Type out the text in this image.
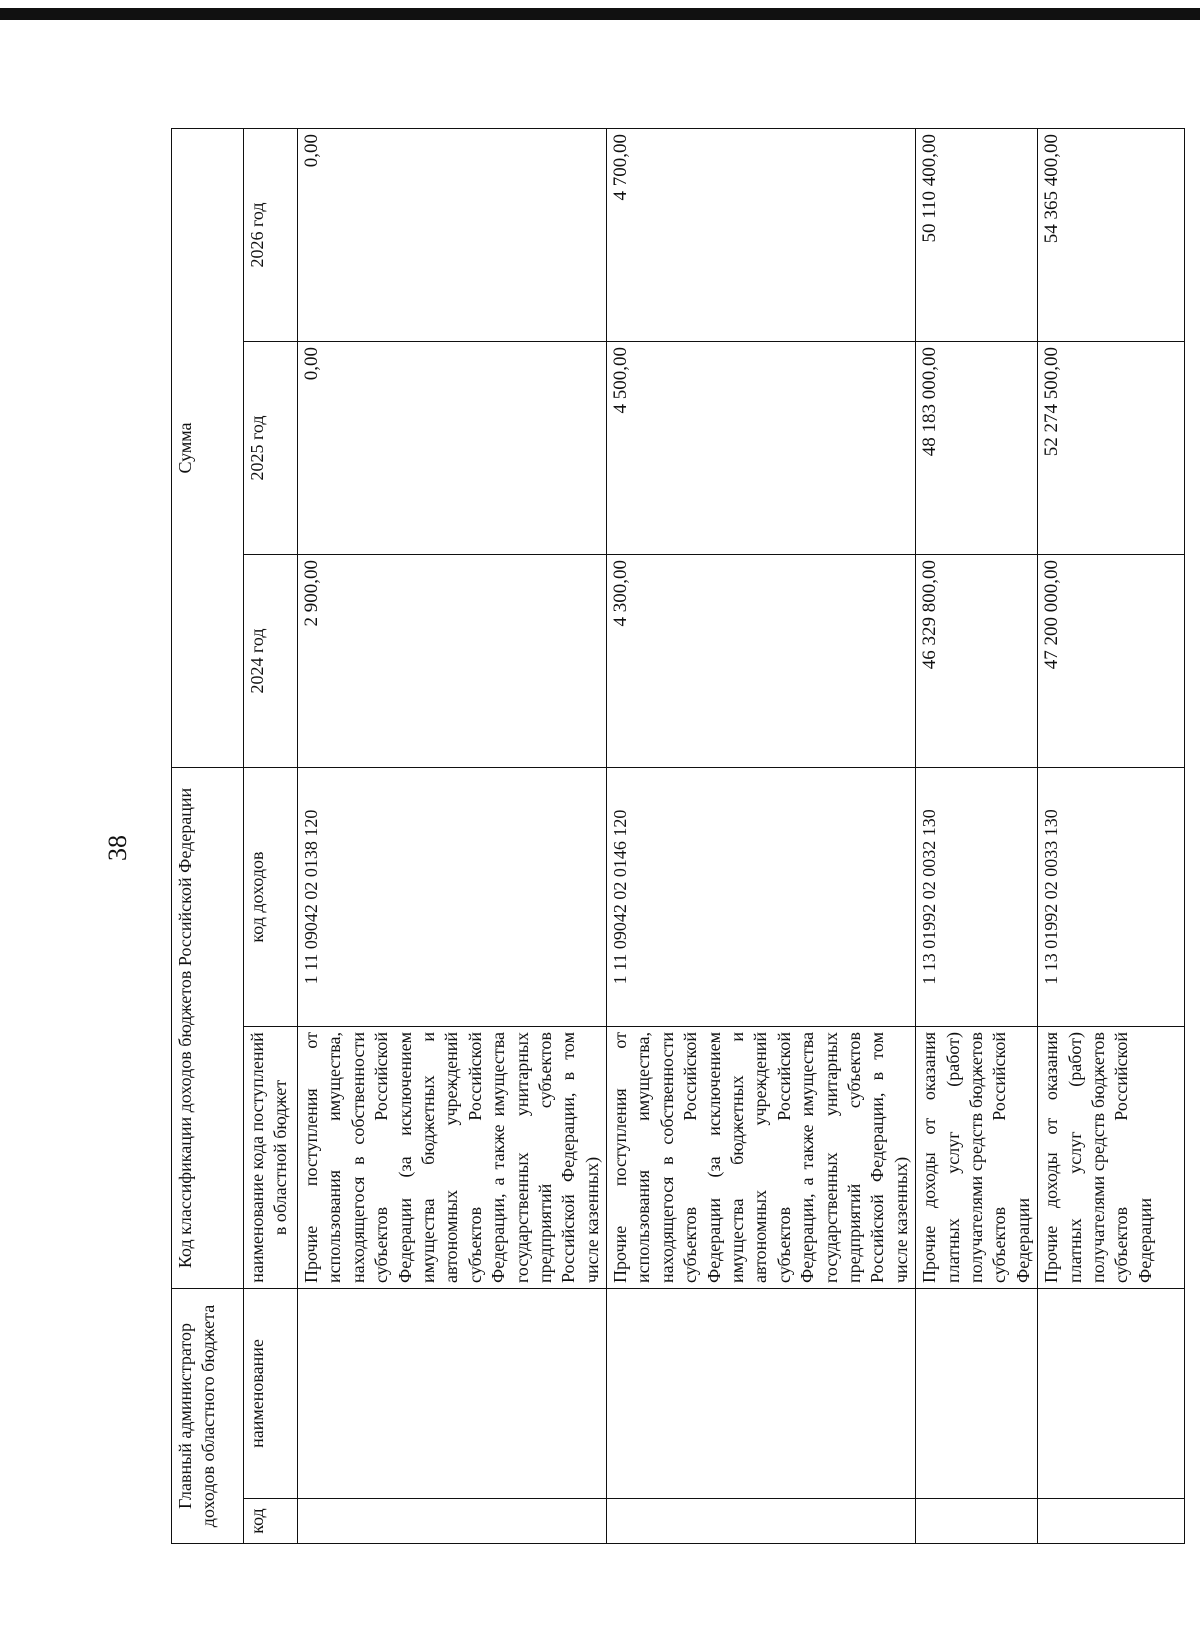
38
Главный администратор доходов областного бюджета		Код классификации доходов бюджетов Российской Федерации		Сумма		
код	наименование	наименование кода поступлений в областной бюджет	код доходов	2024 год	2025 год	2026 год
		Прочие поступления от использования имущества, находящегося в собственности субъектов Российской Федерации (за исключением имущества бюджетных и автономных учреждений субъектов Российской Федерации, а также имущества государственных унитарных предприятий субъектов Российской Федерации, в том числе казенных)	1 11 09042 02 0138 120	2 900,00	0,00	0,00
		Прочие поступления от использования имущества, находящегося в собственности субъектов Российской Федерации (за исключением имущества бюджетных и автономных учреждений субъектов Российской Федерации, а также имущества государственных унитарных предприятий субъектов Российской Федерации, в том числе казенных)	1 11 09042 02 0146 120	4 300,00	4 500,00	4 700,00
		Прочие доходы от оказания платных услуг (работ) получателями средств бюджетов субъектов Российской Федерации	1 13 01992 02 0032 130	46 329 800,00	48 183 000,00	50 110 400,00
		Прочие доходы от оказания платных услуг (работ) получателями средств бюджетов субъектов Российской Федерации	1 13 01992 02 0033 130	47 200 000,00	52 274 500,00	54 365 400,00
